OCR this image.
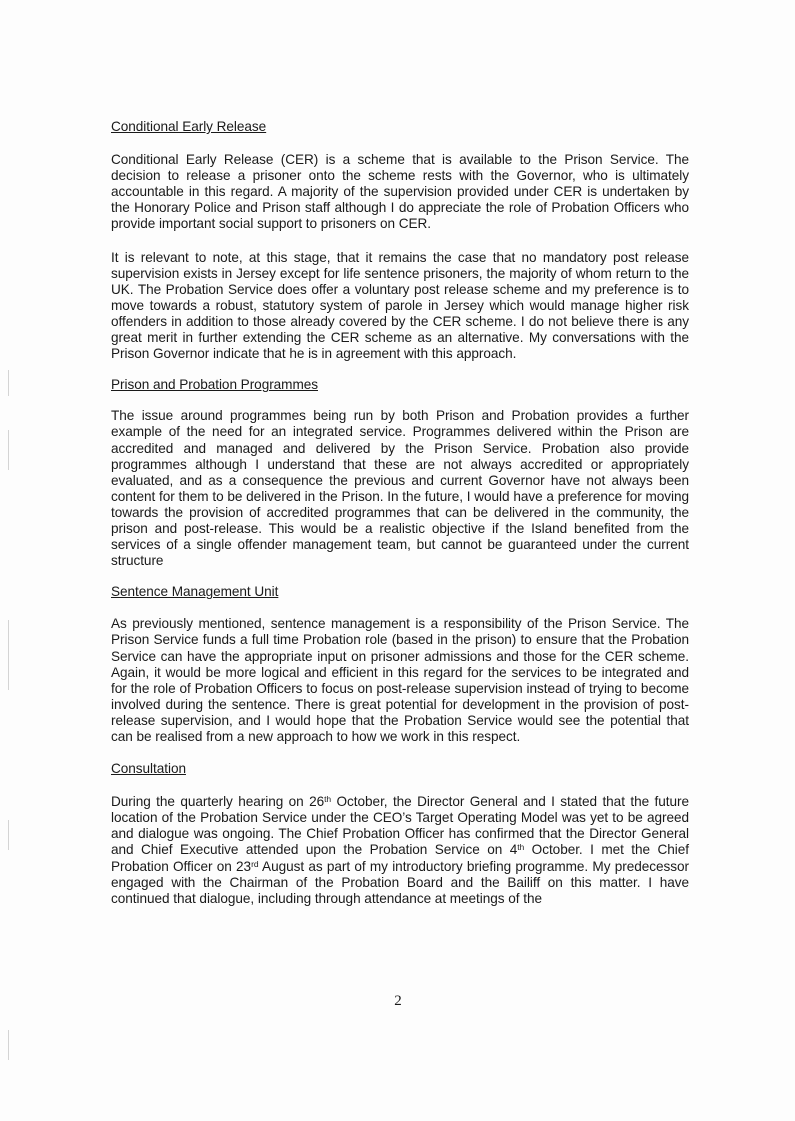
Conditional Early Release

Conditional Early Release (CER) is a scheme that is available to the Prison Service. The decision to release a prisoner onto the scheme rests with the Governor, who is ultimately accountable in this regard. A majority of the supervision provided under CER is undertaken by the Honorary Police and Prison staff although I do appreciate the role of Probation Officers who provide important social support to prisoners on CER.

It is relevant to note, at this stage, that it remains the case that no mandatory post release supervision exists in Jersey except for life sentence prisoners, the majority of whom return to the UK. The Probation Service does offer a voluntary post release scheme and my preference is to move towards a robust, statutory system of parole in Jersey which would manage higher risk offenders in addition to those already covered by the CER scheme. I do not believe there is any great merit in further extending the CER scheme as an alternative. My conversations with the Prison Governor indicate that he is in agreement with this approach.

Prison and Probation Programmes

The issue around programmes being run by both Prison and Probation provides a further example of the need for an integrated service. Programmes delivered within the Prison are accredited and managed and delivered by the Prison Service. Probation also provide programmes although I understand that these are not always accredited or appropriately evaluated, and as a consequence the previous and current Governor have not always been content for them to be delivered in the Prison. In the future, I would have a preference for moving towards the provision of accredited programmes that can be delivered in the community, the prison and post-release. This would be a realistic objective if the Island benefited from the services of a single offender management team, but cannot be guaranteed under the current structure

Sentence Management Unit

As previously mentioned, sentence management is a responsibility of the Prison Service. The Prison Service funds a full time Probation role (based in the prison) to ensure that the Probation Service can have the appropriate input on prisoner admissions and those for the CER scheme. Again, it would be more logical and efficient in this regard for the services to be integrated and for the role of Probation Officers to focus on post-release supervision instead of trying to become involved during the sentence. There is great potential for development in the provision of post-release supervision, and I would hope that the Probation Service would see the potential that can be realised from a new approach to how we work in this respect.

Consultation

During the quarterly hearing on 26th October, the Director General and I stated that the future location of the Probation Service under the CEO’s Target Operating Model was yet to be agreed and dialogue was ongoing. The Chief Probation Officer has confirmed that the Director General and Chief Executive attended upon the Probation Service on 4th October. I met the Chief Probation Officer on 23rd August as part of my introductory briefing programme. My predecessor engaged with the Chairman of the Probation Board and the Bailiff on this matter. I have continued that dialogue, including through attendance at meetings of the

2
